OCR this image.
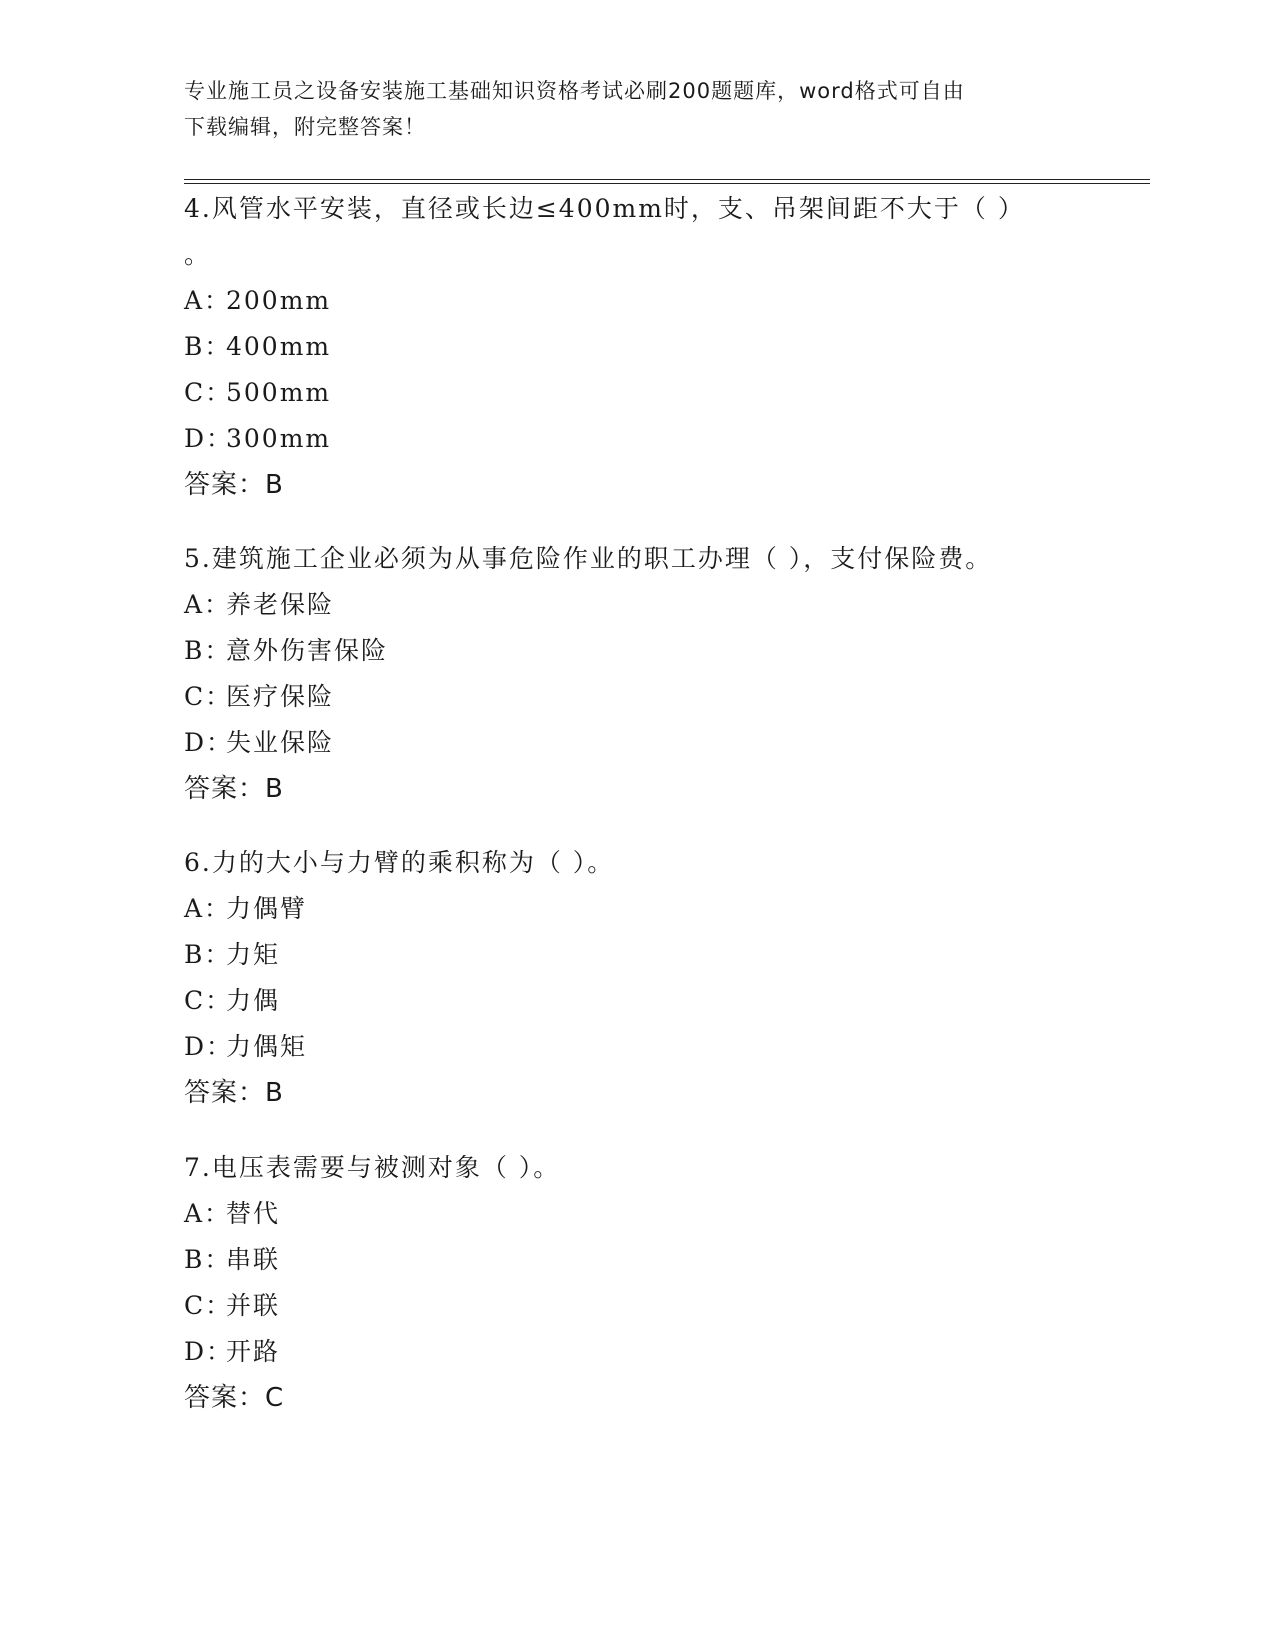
专业施工员之设备安装施工基础知识资格考试必刷200题题库，word格式可自由
下载编辑，附完整答案！
4.风管水平安装，直径或长边≤400mm时，支、吊架间距不大于（ ）
。
A：200mm
B：400mm
C：500mm
D：300mm
答案：B
5.建筑施工企业必须为从事危险作业的职工办理（ ），支付保险费。
A：养老保险
B：意外伤害保险
C：医疗保险
D：失业保险
答案：B
6.力的大小与力臂的乘积称为（ ）。
A：力偶臂
B：力矩
C：力偶
D：力偶矩
答案：B
7.电压表需要与被测对象（ ）。
A：替代
B：串联
C：并联
D：开路
答案：C
